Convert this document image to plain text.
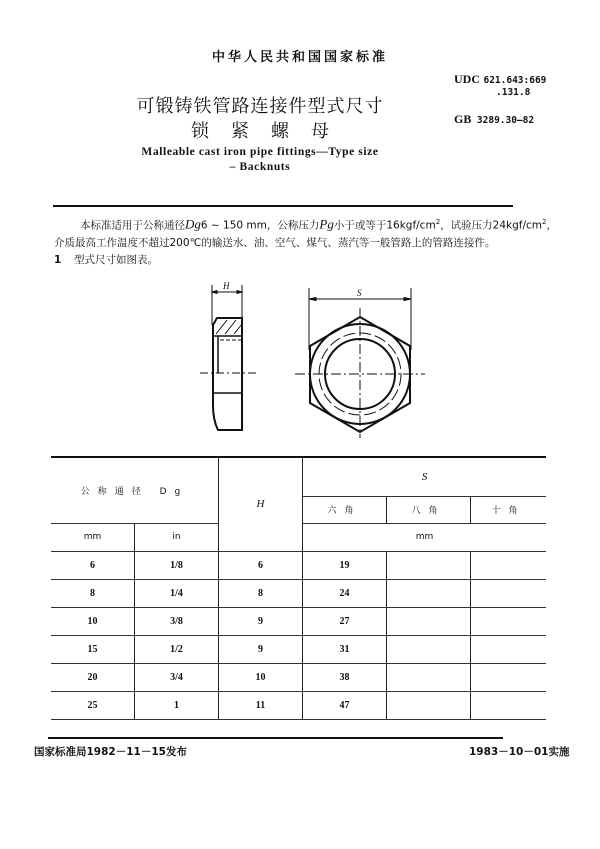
中华人民共和国国家标准
可锻铸铁管路连接件型式尺寸
锁紧螺母
Malleable cast iron pipe fittings—Type size
– Backnuts
UDC 621.643:669
.131.8
GB 3289.30—82
本标准适用于公称通径Dg6 ~ 150 mm，公称压力Pg小于或等于$16kgf/cm^2$，试验压力$24kgf/cm^2$，
介质最高工作温度不超过200℃的输送水、油、空气、煤气、蒸汽等一般管路上的管路连接件。
1 型式尺寸如图表。
H
S
公称通径 Dg		H	S		
			六角	八角	十角
mm	in		mm		
6	1/8	6	19		
8	1/4	8	24		
10	3/8	9	27		
15	1/2	9	31		
20	3/4	10	38		
25	1	11	47		
国家标准局1982－11－15发布	1983－10－01实施
